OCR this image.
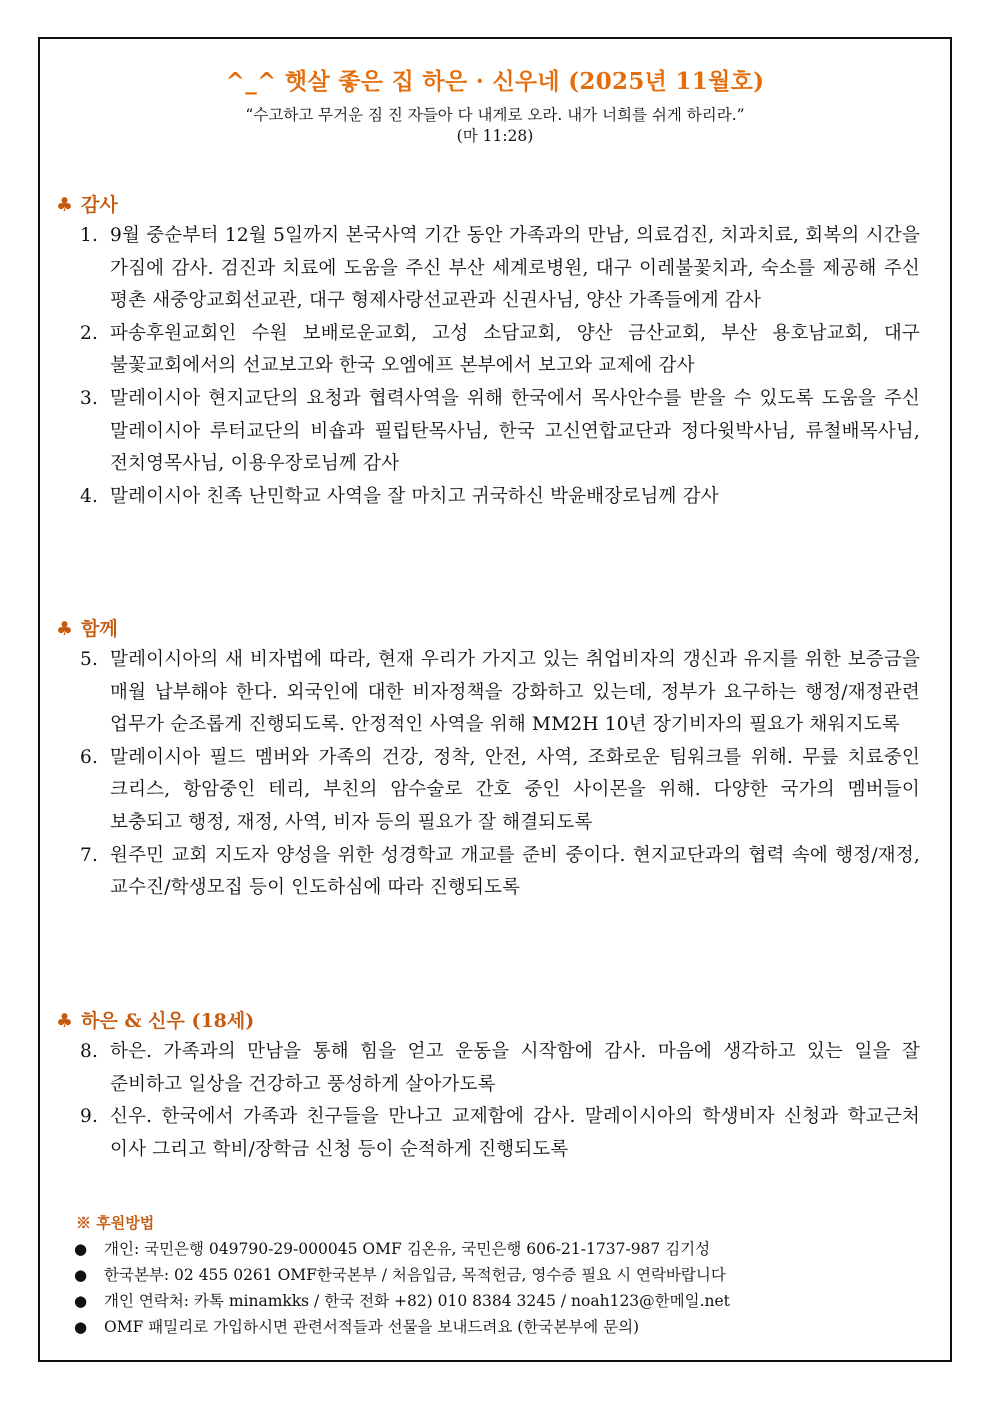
^_^ 햇살 좋은 집 하은 · 신우네 (2025년 11월호)
“수고하고 무거운 짐 진 자들아 다 내게로 오라. 내가 너희를 쉬게 하리라.”
(마 11:28)
♣ 감사
1. 9월 중순부터 12월 5일까지 본국사역 기간 동안 가족과의 만남, 의료검진, 치과치료, 회복의 시간을 가짐에 감사. 검진과 치료에 도움을 주신 부산 세계로병원, 대구 이레불꽃치과, 숙소를 제공해 주신 평촌 새중앙교회선교관, 대구 형제사랑선교관과 신권사님, 양산 가족들에게 감사
2. 파송후원교회인 수원 보배로운교회, 고성 소담교회, 양산 금산교회, 부산 용호남교회, 대구 불꽃교회에서의 선교보고와 한국 오엠에프 본부에서 보고와 교제에 감사
3. 말레이시아 현지교단의 요청과 협력사역을 위해 한국에서 목사안수를 받을 수 있도록 도움을 주신 말레이시아 루터교단의 비숍과 필립탄목사님, 한국 고신연합교단과 정다윗박사님, 류철배목사님, 전치영목사님, 이용우장로님께 감사
4. 말레이시아 친족 난민학교 사역을 잘 마치고 귀국하신 박윤배장로님께 감사
♣ 함께
5. 말레이시아의 새 비자법에 따라, 현재 우리가 가지고 있는 취업비자의 갱신과 유지를 위한 보증금을 매월 납부해야 한다. 외국인에 대한 비자정책을 강화하고 있는데, 정부가 요구하는 행정/재정관련 업무가 순조롭게 진행되도록. 안정적인 사역을 위해 MM2H 10년 장기비자의 필요가 채워지도록
6. 말레이시아 필드 멤버와 가족의 건강, 정착, 안전, 사역, 조화로운 팀워크를 위해. 무릎 치료중인 크리스, 항암중인 테리, 부친의 암수술로 간호 중인 사이몬을 위해. 다양한 국가의 멤버들이 보충되고 행정, 재정, 사역, 비자 등의 필요가 잘 해결되도록
7. 원주민 교회 지도자 양성을 위한 성경학교 개교를 준비 중이다. 현지교단과의 협력 속에 행정/재정, 교수진/학생모집 등이 인도하심에 따라 진행되도록
♣ 하은 & 신우 (18세)
8. 하은. 가족과의 만남을 통해 힘을 얻고 운동을 시작함에 감사. 마음에 생각하고 있는 일을 잘 준비하고 일상을 건강하고 풍성하게 살아가도록
9. 신우. 한국에서 가족과 친구들을 만나고 교제함에 감사. 말레이시아의 학생비자 신청과 학교근처 이사 그리고 학비/장학금 신청 등이 순적하게 진행되도록
※ 후원방법
● 개인: 국민은행 049790-29-000045 OMF 김온유, 국민은행 606-21-1737-987 김기성
● 한국본부: 02 455 0261 OMF한국본부 / 처음입금, 목적헌금, 영수증 필요 시 연락바랍니다
● 개인 연락처: 카톡 minamkks / 한국 전화 +82) 010 8384 3245 / noah123@한메일.net
● OMF 패밀리로 가입하시면 관련서적들과 선물을 보내드려요 (한국본부에 문의)
